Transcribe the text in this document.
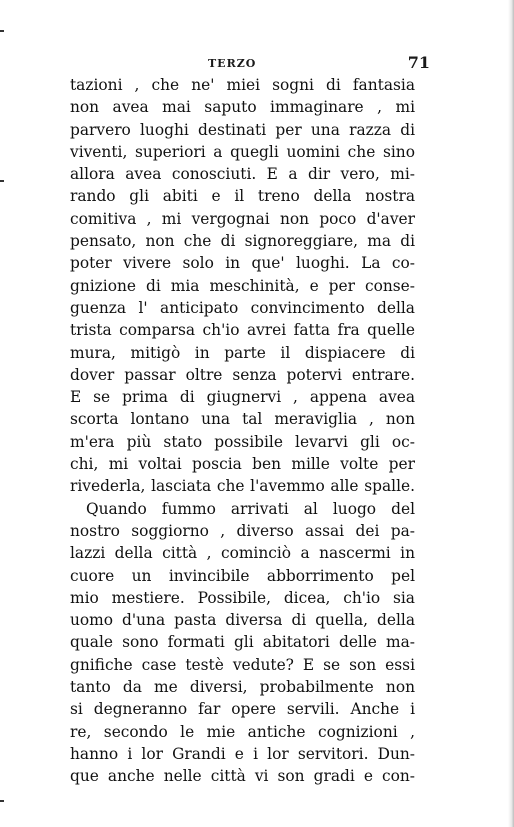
TERZO	71
tazioni , che ne' miei sogni di fantasia
non avea mai saputo immaginare , mi
parvero luoghi destinati per una razza di
viventi, superiori a quegli uomini che sino
allora avea conosciuti. E a dir vero, mi-
rando gli abiti e il treno della nostra
comitiva , mi vergognai non poco d'aver
pensato, non che di signoreggiare, ma di
poter vivere solo in que' luoghi. La co-
gnizione di mia meschinità, e per conse-
guenza l' anticipato convincimento della
trista comparsa ch'io avrei fatta fra quelle
mura, mitigò in parte il dispiacere di
dover passar oltre senza potervi entrare.
E se prima di giugnervi , appena avea
scorta lontano una tal meraviglia , non
m'era più stato possibile levarvi gli oc-
chi, mi voltai poscia ben mille volte per
rivederla, lasciata che l'avemmo alle spalle.
Quando fummo arrivati al luogo del
nostro soggiorno , diverso assai dei pa-
lazzi della città , cominciò a nascermi in
cuore un invincibile abborrimento pel
mio mestiere. Possibile, dicea, ch'io sia
uomo d'una pasta diversa di quella, della
quale sono formati gli abitatori delle ma-
gnifiche case testè vedute? E se son essi
tanto da me diversi, probabilmente non
si degneranno far opere servili. Anche i
re, secondo le mie antiche cognizioni ,
hanno i lor Grandi e i lor servitori. Dun-
que anche nelle città vi son gradi e con-
